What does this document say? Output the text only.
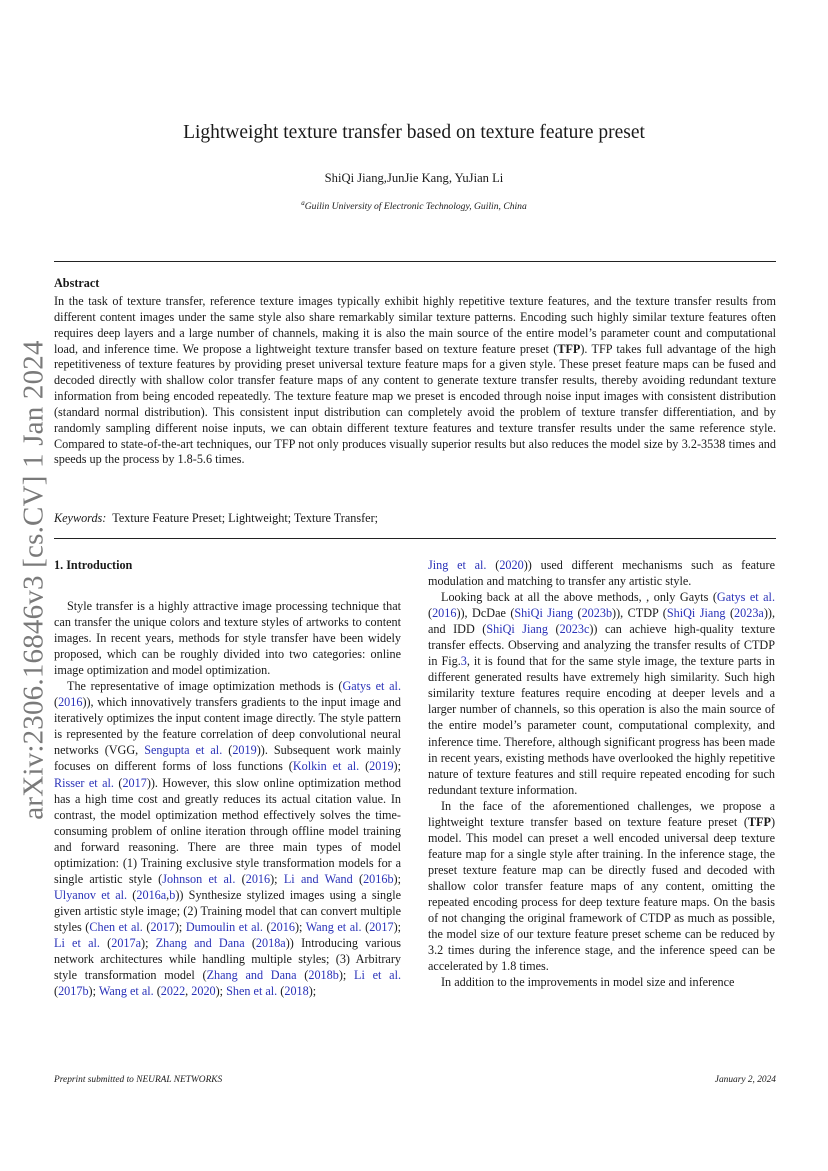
arXiv:2306.16846v3 [cs.CV] 1 Jan 2024
Lightweight texture transfer based on texture feature preset
ShiQi Jiang,JunJie Kang, YuJian Li
$^a$Guilin University of Electronic Technology, Guilin, China
Abstract
In the task of texture transfer, reference texture images typically exhibit highly repetitive texture features, and the texture transfer results from different content images under the same style also share remarkably similar texture patterns. Encoding such highly similar texture features often requires deep layers and a large number of channels, making it is also the main source of the entire model’s parameter count and computational load, and inference time. We propose a lightweight texture transfer based on texture feature preset (TFP). TFP takes full advantage of the high repetitiveness of texture features by providing preset universal texture feature maps for a given style. These preset feature maps can be fused and decoded directly with shallow color transfer feature maps of any content to generate texture transfer results, thereby avoiding redundant texture information from being encoded repeatedly. The texture feature map we preset is encoded through noise input images with consistent distribution (standard normal distribution). This consistent input distribution can completely avoid the problem of texture transfer differentiation, and by randomly sampling different noise inputs, we can obtain different texture features and texture transfer results under the same reference style. Compared to state-of-the-art techniques, our TFP not only produces visually superior results but also reduces the model size by 3.2-3538 times and speeds up the process by 1.8-5.6 times.
Keywords: Texture Feature Preset; Lightweight; Texture Transfer;
1. Introduction

Style transfer is a highly attractive image processing technique that can transfer the unique colors and texture styles of artworks to content images. In recent years, methods for style transfer have been widely proposed, which can be roughly divided into two categories: online image optimization and model optimization.

The representative of image optimization methods is (Gatys et al. (2016)), which innovatively transfers gradients to the input image and iteratively optimizes the input content image directly. The style pattern is represented by the feature correlation of deep convolutional neural networks (VGG, Sengupta et al. (2019)). Subsequent work mainly focuses on different forms of loss functions (Kolkin et al. (2019); Risser et al. (2017)). However, this slow online optimization method has a high time cost and greatly reduces its actual citation value. In contrast, the model optimization method effectively solves the time-consuming problem of online iteration through offline model training and forward reasoning. There are three main types of model optimization: (1) Training exclusive style transformation models for a single artistic style (Johnson et al. (2016); Li and Wand (2016b); Ulyanov et al. (2016a,b)) Synthesize stylized images using a single given artistic style image; (2) Training model that can convert multiple styles (Chen et al. (2017); Dumoulin et al. (2016); Wang et al. (2017); Li et al. (2017a); Zhang and Dana (2018a)) Introducing various network architectures while handling multiple styles; (3) Arbitrary style transformation model (Zhang and Dana (2018b); Li et al. (2017b); Wang et al. (2022, 2020); Shen et al. (2018);

Jing et al. (2020)) used different mechanisms such as feature modulation and matching to transfer any artistic style.

Looking back at all the above methods, , only Gayts (Gatys et al. (2016)), DcDae (ShiQi Jiang (2023b)), CTDP (ShiQi Jiang (2023a)), and IDD (ShiQi Jiang (2023c)) can achieve high-quality texture transfer effects. Observing and analyzing the transfer results of CTDP in Fig.3, it is found that for the same style image, the texture parts in different generated results have extremely high similarity. Such high similarity texture features require encoding at deeper levels and a larger number of channels, so this operation is also the main source of the entire model’s parameter count, computational complexity, and inference time. Therefore, although significant progress has been made in recent years, existing methods have overlooked the highly repetitive nature of texture features and still require repeated encoding for such redundant texture information.

In the face of the aforementioned challenges, we propose a lightweight texture transfer based on texture feature preset (TFP) model. This model can preset a well encoded universal deep texture feature map for a single style after training. In the inference stage, the preset texture feature map can be directly fused and decoded with shallow color transfer feature maps of any content, omitting the repeated encoding process for deep texture feature maps. On the basis of not changing the original framework of CTDP as much as possible, the model size of our texture feature preset scheme can be reduced by 3.2 times during the inference stage, and the inference speed can be accelerated by 1.8 times.

In addition to the improvements in model size and inference

Preprint submitted to NEURAL NETWORKS	January 2, 2024
